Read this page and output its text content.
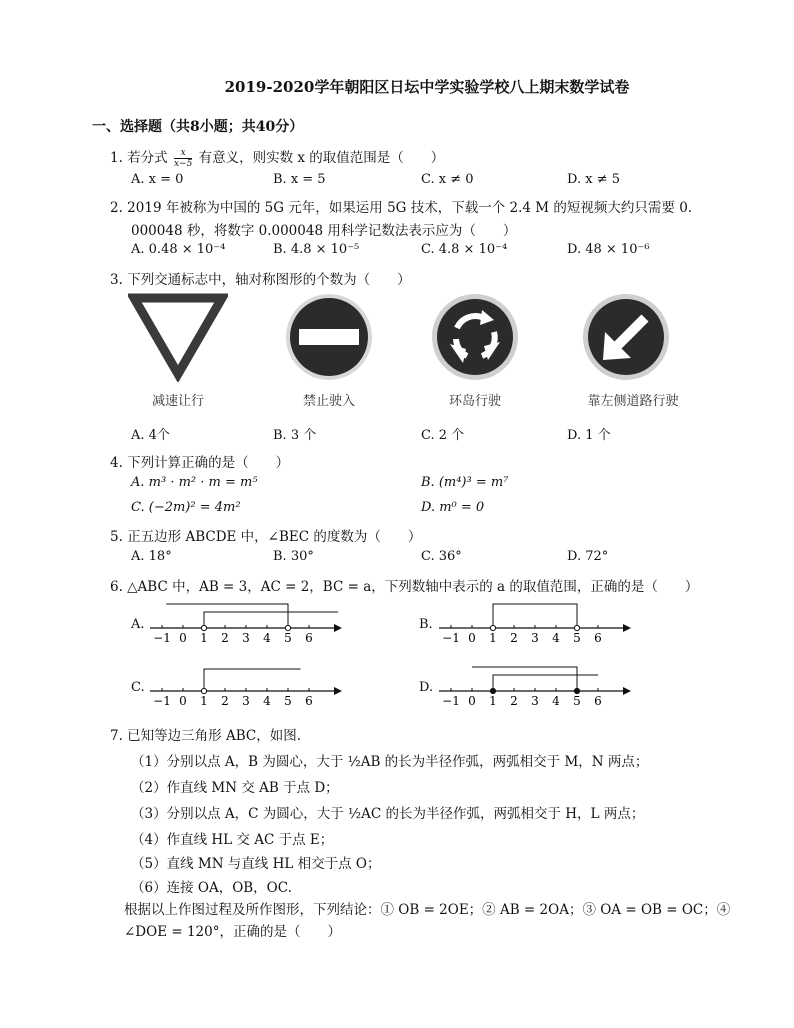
2019-2020学年朝阳区日坛中学实验学校八上期末数学试卷
一、选择题（共8小题；共40分）
1. 若分式 $\frac{x}{x-5}$ 有意义，则实数 x 的取值范围是（　　）
A. x = 0	B. x = 5	C. x ≠ 0	D. x ≠ 5
2. 2019 年被称为中国的 5G 元年，如果运用 5G 技术，下载一个 2.4 M 的短视频大约只需要 0.
000048 秒，将数字 0.000048 用科学记数法表示应为（　　）
A. 0.48 × 10⁻⁴	B. 4.8 × 10⁻⁵	C. 4.8 × 10⁻⁴	D. 48 × 10⁻⁶
3. 下列交通标志中，轴对称图形的个数为（　　）
减速让行	禁止驶入	环岛行驶	靠左侧道路行驶
A. 4个	B. 3 个	C. 2 个	D. 1 个
4. 下列计算正确的是（　　）
A. m³ · m² · m = m⁵	B. (m⁴)³ = m⁷
C. (−2m)² = 4m²	D. m⁰ = 0
5. 正五边形 ABCDE 中，∠BEC 的度数为（　　）
A. 18°	B. 30°	C. 36°	D. 72°
6. △ABC 中，AB = 3，AC = 2，BC = a，下列数轴中表示的 a 的取值范围，正确的是（　　）
A.	B.
C.	D.
−1 0 1 2 3 4 5 6	−1 0 1 2 3 4 5 6
−1 0 1 2 3 4 5 6	−1 0 1 2 3 4 5 6
7. 已知等边三角形 ABC，如图.
（1）分别以点 A，B 为圆心，大于 ½AB 的长为半径作弧，两弧相交于 M，N 两点；
（2）作直线 MN 交 AB 于点 D；
（3）分别以点 A，C 为圆心，大于 ½AC 的长为半径作弧，两弧相交于 H，L 两点；
（4）作直线 HL 交 AC 于点 E；
（5）直线 MN 与直线 HL 相交于点 O；
（6）连接 OA，OB，OC.
根据以上作图过程及所作图形，下列结论：① OB = 2OE；② AB = 2OA；③ OA = OB = OC；④
∠DOE = 120°，正确的是（　　）
